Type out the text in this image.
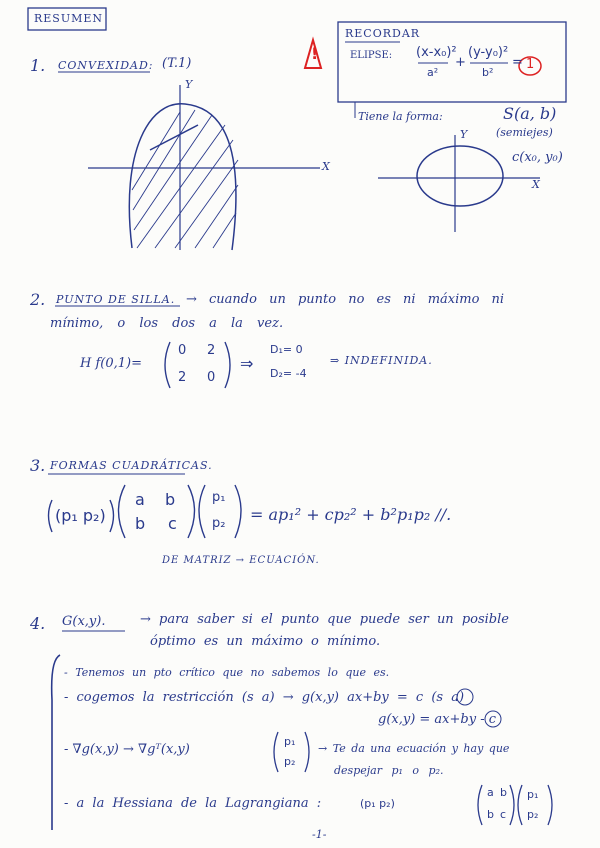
RESUMEN
1. CONVEXIDAD: (T.1)
Y
X
!
RECORDAR
ELIPSE: (x-x₀)²
a²
+
(y-y₀)²
b²
= 1
Tiene la forma:	S(a, b)
(semiejes)
c(x₀, y₀)
Y
X
2. PUNTO DE SILLA. → cuando un punto no es ni máximo ni
mínimo, o los dos a la vez.
H f(0,1)=
0 2
2 0
⇒
D₁= 0
D₂= -4
⇒ INDEFINIDA.
3. FORMAS CUADRÁTICAS.
(p₁ p₂)
a b
b c
p₁
p₂ = ap₁² + cp₂² + b²p₁p₂ //.
DE MATRIZ → ECUACIÓN.
4. G(x,y).	→ para saber si el punto que puede ser un posible
óptimo es un máximo o mínimo.
- Tenemos un pto crítico que no sabemos lo que es.
- cogemos la restricción (s a) → g(x,y) ax+by = c (s a)
g(x,y) = ax+by - c
- ∇g(x,y) → ∇gᵀ(x,y)
p₁
p₂
→ Te da una ecuación y hay que
despejar p₁ o p₂.
- a la Hessiana de la Lagrangiana :	(p₁ p₂)
a b
b c
p₁
p₂
-1-
